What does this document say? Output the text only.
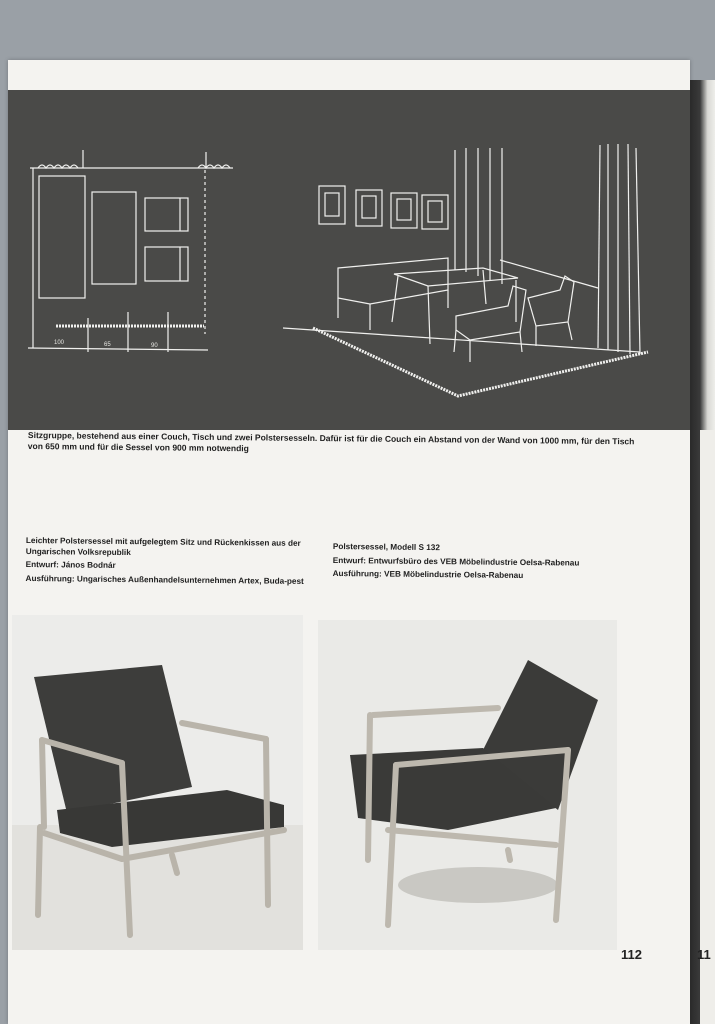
100	65	90
Sitzgruppe, bestehend aus einer Couch, Tisch und zwei Polstersesseln. Dafür ist für die Couch ein Abstand von der Wand von 1000 mm, für den Tisch von 650 mm und für die Sessel von 900 mm notwendig

Leichter Polstersessel mit aufgelegtem Sitz und Rückenkissen aus der Ungarischen Volksrepublik

Entwurf: János Bodnár

Ausführung: Ungarisches Außenhandelsunternehmen Artex, Buda-pest

Polstersessel, Modell S 132

Entwurf: Entwurfsbüro des VEB Möbelindustrie Oelsa-Rabenau

Ausführung: VEB Möbelindustrie Oelsa-Rabenau

112	11
